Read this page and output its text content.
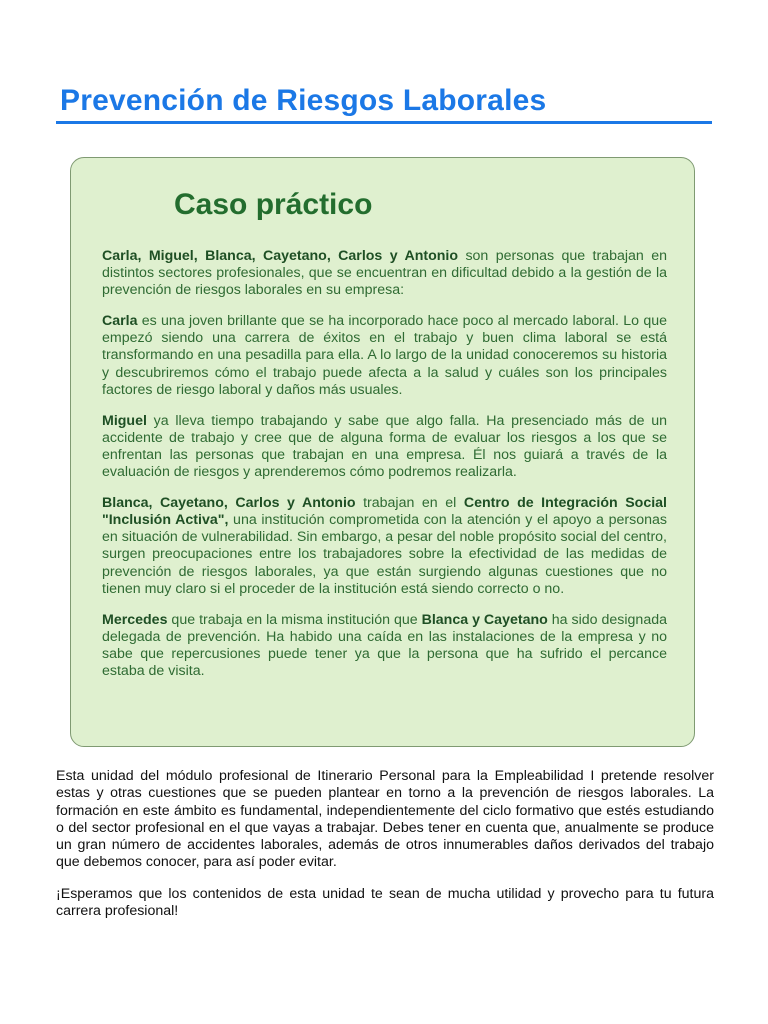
Prevención de Riesgos Laborales
Caso práctico

Carla, Miguel, Blanca, Cayetano, Carlos y Antonio son personas que trabajan en distintos sectores profesionales, que se encuentran en dificultad debido a la gestión de la prevención de riesgos laborales en su empresa:

Carla es una joven brillante que se ha incorporado hace poco al mercado laboral. Lo que empezó siendo una carrera de éxitos en el trabajo y buen clima laboral se está transformando en una pesadilla para ella. A lo largo de la unidad conoceremos su historia y descubriremos cómo el trabajo puede afecta a la salud y cuáles son los principales factores de riesgo laboral y daños más usuales.

Miguel ya lleva tiempo trabajando y sabe que algo falla. Ha presenciado más de un accidente de trabajo y cree que de alguna forma de evaluar los riesgos a los que se enfrentan las personas que trabajan en una empresa. Él nos guiará a través de la evaluación de riesgos y aprenderemos cómo podremos realizarla.

Blanca, Cayetano, Carlos y Antonio trabajan en el Centro de Integración Social "Inclusión Activa", una institución comprometida con la atención y el apoyo a personas en situación de vulnerabilidad. Sin embargo, a pesar del noble propósito social del centro, surgen preocupaciones entre los trabajadores sobre la efectividad de las medidas de prevención de riesgos laborales, ya que están surgiendo algunas cuestiones que no tienen muy claro si el proceder de la institución está siendo correcto o no.

Mercedes que trabaja en la misma institución que Blanca y Cayetano ha sido designada delegada de prevención. Ha habido una caída en las instalaciones de la empresa y no sabe que repercusiones puede tener ya que la persona que ha sufrido el percance estaba de visita.

Esta unidad del módulo profesional de Itinerario Personal para la Empleabilidad I pretende resolver estas y otras cuestiones que se pueden plantear en torno a la prevención de riesgos laborales. La formación en este ámbito es fundamental, independientemente del ciclo formativo que estés estudiando o del sector profesional en el que vayas a trabajar. Debes tener en cuenta que, anualmente se produce un gran número de accidentes laborales, además de otros innumerables daños derivados del trabajo que debemos conocer, para así poder evitar.

¡Esperamos que los contenidos de esta unidad te sean de mucha utilidad y provecho para tu futura carrera profesional!
